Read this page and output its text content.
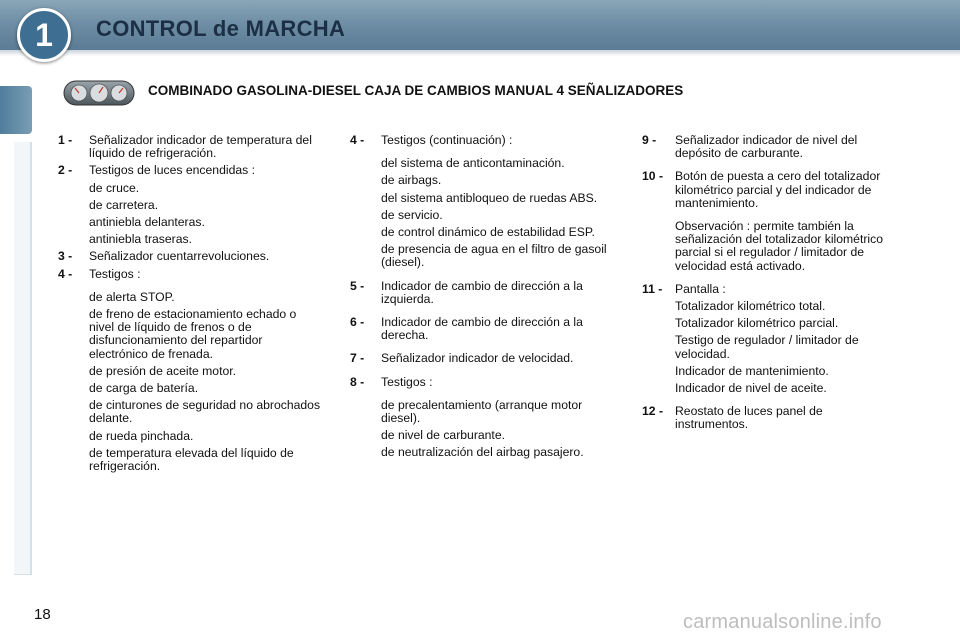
1	CONTROL de MARCHA
COMBINADO GASOLINA-DIESEL CAJA DE CAMBIOS MANUAL 4 SEÑALIZADORES
1 -	Señalizador indicador de temperatura del líquido de refrigeración.
2 -	Testigos de luces encendidas :
de cruce.
de carretera.
antiniebla delanteras.
antiniebla traseras.
3 -	Señalizador cuentarrevoluciones.
4 -	Testigos :
de alerta STOP.
de freno de estacionamiento echado o nivel de líquido de frenos o de disfuncionamiento del repartidor electrónico de frenada.
de presión de aceite motor.
de carga de batería.
de cinturones de seguridad no abrochados delante.
de rueda pinchada.
de temperatura elevada del líquido de refrigeración.
4 -	Testigos (continuación) :
del sistema de anticontaminación.
de airbags.
del sistema antibloqueo de ruedas ABS.
de servicio.
de control dinámico de estabilidad ESP.
de presencia de agua en el filtro de gasoil (diesel).
5 -	Indicador de cambio de dirección a la izquierda.
6 -	Indicador de cambio de dirección a la derecha.
7 -	Señalizador indicador de velocidad.
8 -	Testigos :
de precalentamiento (arranque motor diesel).
de nivel de carburante.
de neutralización del airbag pasajero.
9 -	Señalizador indicador de nivel del depósito de carburante.
10 - Botón de puesta a cero del totalizador kilométrico parcial y del indicador de mantenimiento.
Observación : permite también la señalización del totalizador kilométrico parcial si el regulador / limitador de velocidad está activado.
11 -	Pantalla :
Totalizador kilométrico total.
Totalizador kilométrico parcial.
Testigo de regulador / limitador de velocidad.
Indicador de mantenimiento.
Indicador de nivel de aceite.
12 - Reostato de luces panel de instrumentos.
18	carmanualsonline.info
